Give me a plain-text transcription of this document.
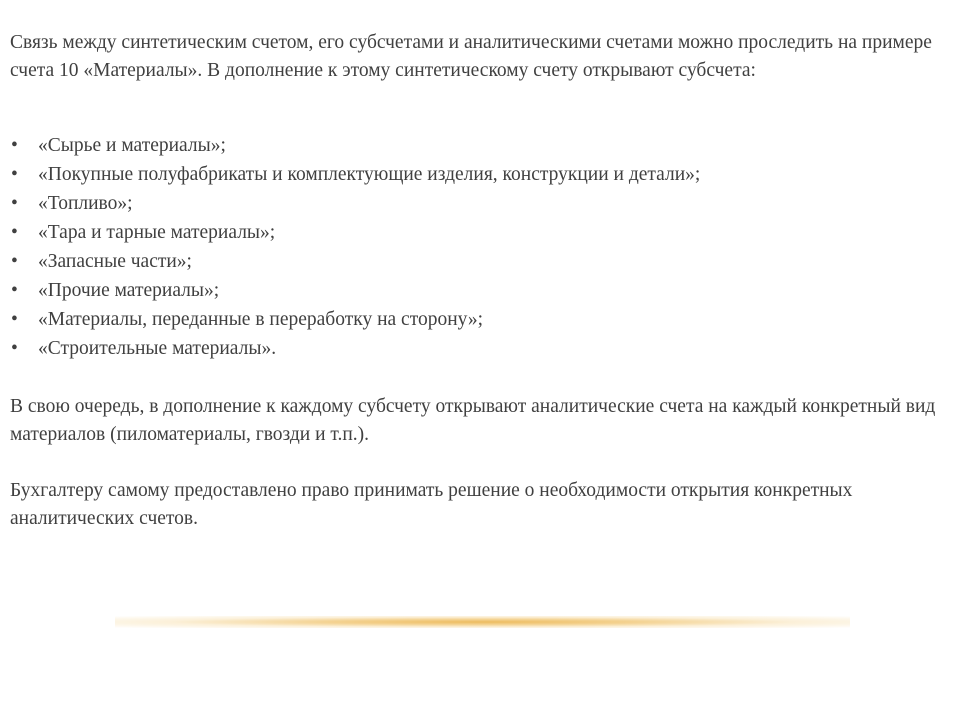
Связь между синтетическим счетом, его субсчетами и аналитическими счетами можно проследить на примере счета 10 «Материалы». В дополнение к этому синтетическому счету открывают субсчета:

• «Сырье и материалы»;
• «Покупные полуфабрикаты и комплектующие изделия, конструкции и детали»;
• «Топливо»;
• «Тара и тарные материалы»;
• «Запасные части»;
• «Прочие материалы»;
• «Материалы, переданные в переработку на сторону»;
• «Строительные материалы».

В свою очередь, в дополнение к каждому субсчету открывают аналитические счета на каждый конкретный вид материалов (пиломатериалы, гвозди и т.п.).

Бухгалтеру самому предоставлено право принимать решение о необходимости открытия конкретных аналитических счетов.
